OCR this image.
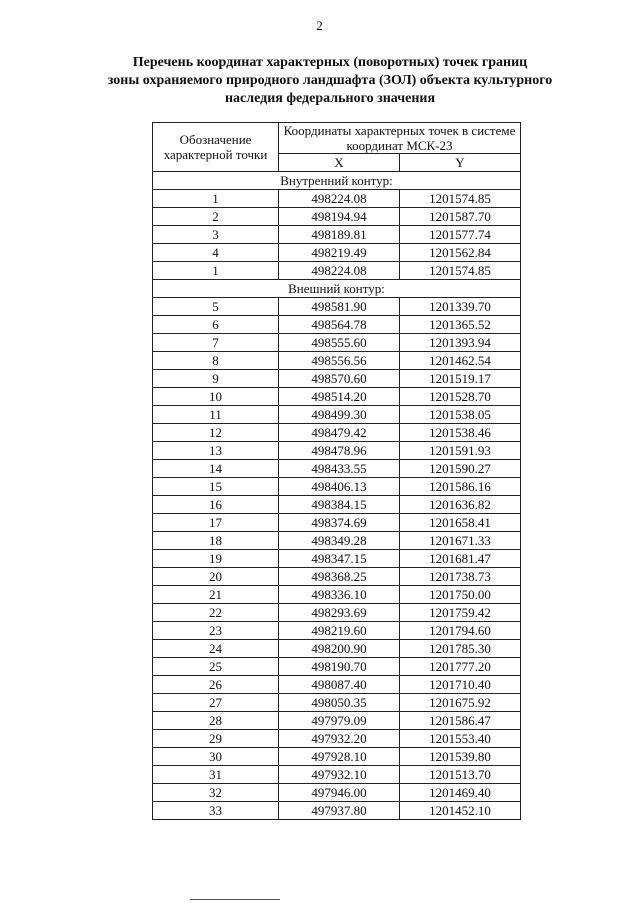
2
Перечень координат характерных (поворотных) точек границ
зоны охраняемого природного ландшафта (ЗОЛ) объекта культурного
наследия федерального значения
Обозначение характерной точки	Координаты характерных точек в системе координат МСК-23	
	X	Y
Внутренний контур:		
1	498224.08	1201574.85
2	498194.94	1201587.70
3	498189.81	1201577.74
4	498219.49	1201562.84
1	498224.08	1201574.85
Внешний контур:		
5	498581.90	1201339.70
6	498564.78	1201365.52
7	498555.60	1201393.94
8	498556.56	1201462.54
9	498570.60	1201519.17
10	498514.20	1201528.70
11	498499.30	1201538.05
12	498479.42	1201538.46
13	498478.96	1201591.93
14	498433.55	1201590.27
15	498406.13	1201586.16
16	498384.15	1201636.82
17	498374.69	1201658.41
18	498349.28	1201671.33
19	498347.15	1201681.47
20	498368.25	1201738.73
21	498336.10	1201750.00
22	498293.69	1201759.42
23	498219.60	1201794.60
24	498200.90	1201785.30
25	498190.70	1201777.20
26	498087.40	1201710.40
27	498050.35	1201675.92
28	497979.09	1201586.47
29	497932.20	1201553.40
30	497928.10	1201539.80
31	497932.10	1201513.70
32	497946.00	1201469.40
33	497937.80	1201452.10
